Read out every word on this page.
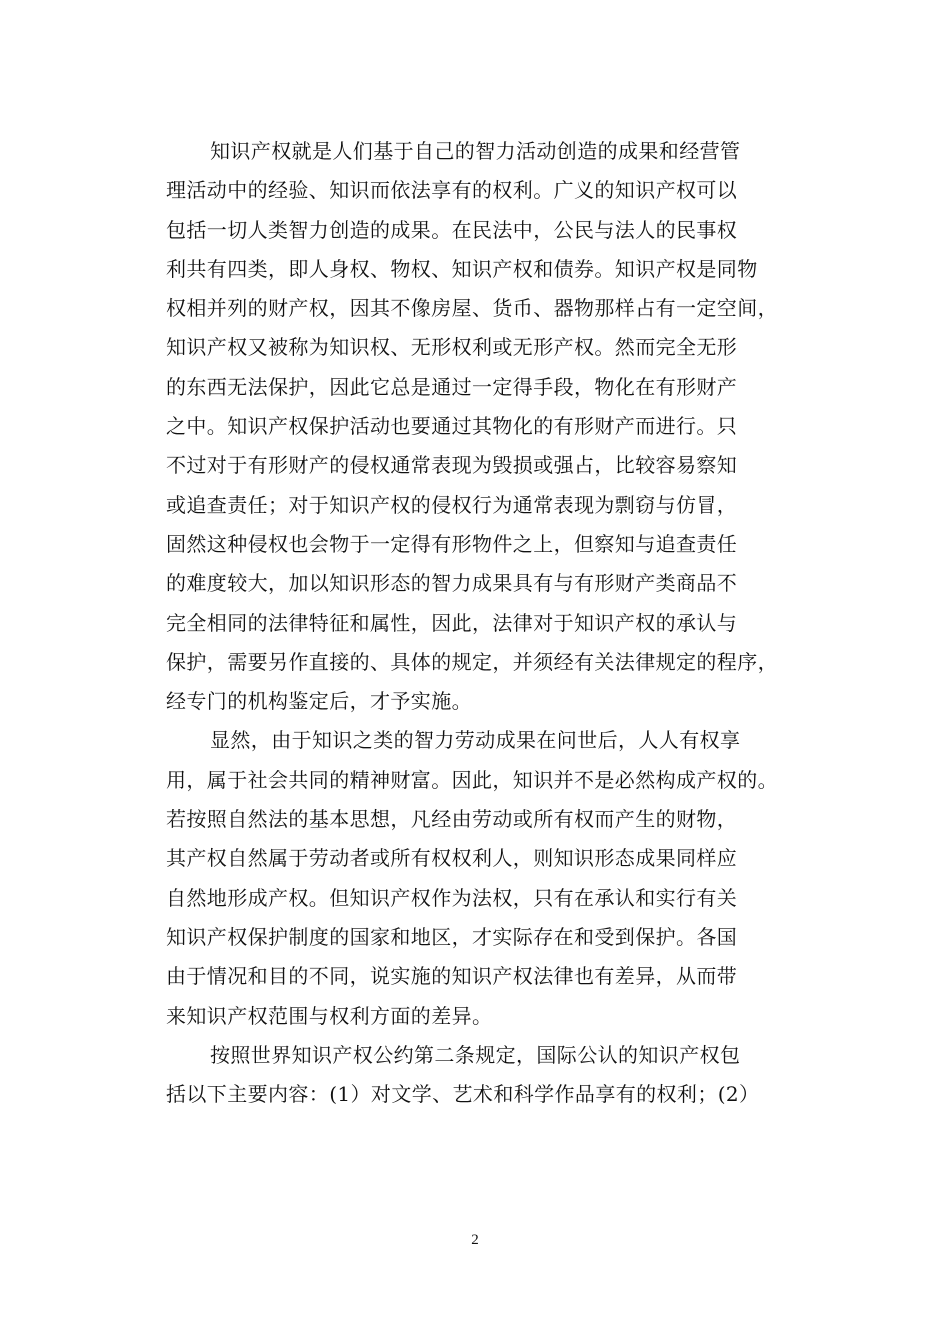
知识产权就是人们基于自己的智力活动创造的成果和经营管
理活动中的经验、知识而依法享有的权利。广义的知识产权可以
包括一切人类智力创造的成果。在民法中，公民与法人的民事权
利共有四类，即人身权、物权、知识产权和债券。知识产权是同物
权相并列的财产权，因其不像房屋、货币、器物那样占有一定空间，
知识产权又被称为知识权、无形权利或无形产权。然而完全无形
的东西无法保护，因此它总是通过一定得手段，物化在有形财产
之中。知识产权保护活动也要通过其物化的有形财产而进行。只
不过对于有形财产的侵权通常表现为毁损或强占，比较容易察知
或追查责任；对于知识产权的侵权行为通常表现为剽窃与仿冒，
固然这种侵权也会物于一定得有形物件之上，但察知与追查责任
的难度较大，加以知识形态的智力成果具有与有形财产类商品不
完全相同的法律特征和属性，因此，法律对于知识产权的承认与
保护，需要另作直接的、具体的规定，并须经有关法律规定的程序，
经专门的机构鉴定后，才予实施。
显然，由于知识之类的智力劳动成果在问世后，人人有权享
用，属于社会共同的精神财富。因此，知识并不是必然构成产权的。
若按照自然法的基本思想，凡经由劳动或所有权而产生的财物，
其产权自然属于劳动者或所有权权利人，则知识形态成果同样应
自然地形成产权。但知识产权作为法权，只有在承认和实行有关
知识产权保护制度的国家和地区，才实际存在和受到保护。各国
由于情况和目的不同，说实施的知识产权法律也有差异，从而带
来知识产权范围与权利方面的差异。
按照世界知识产权公约第二条规定，国际公认的知识产权包
括以下主要内容：(1）对文学、艺术和科学作品享有的权利；(2）
2
